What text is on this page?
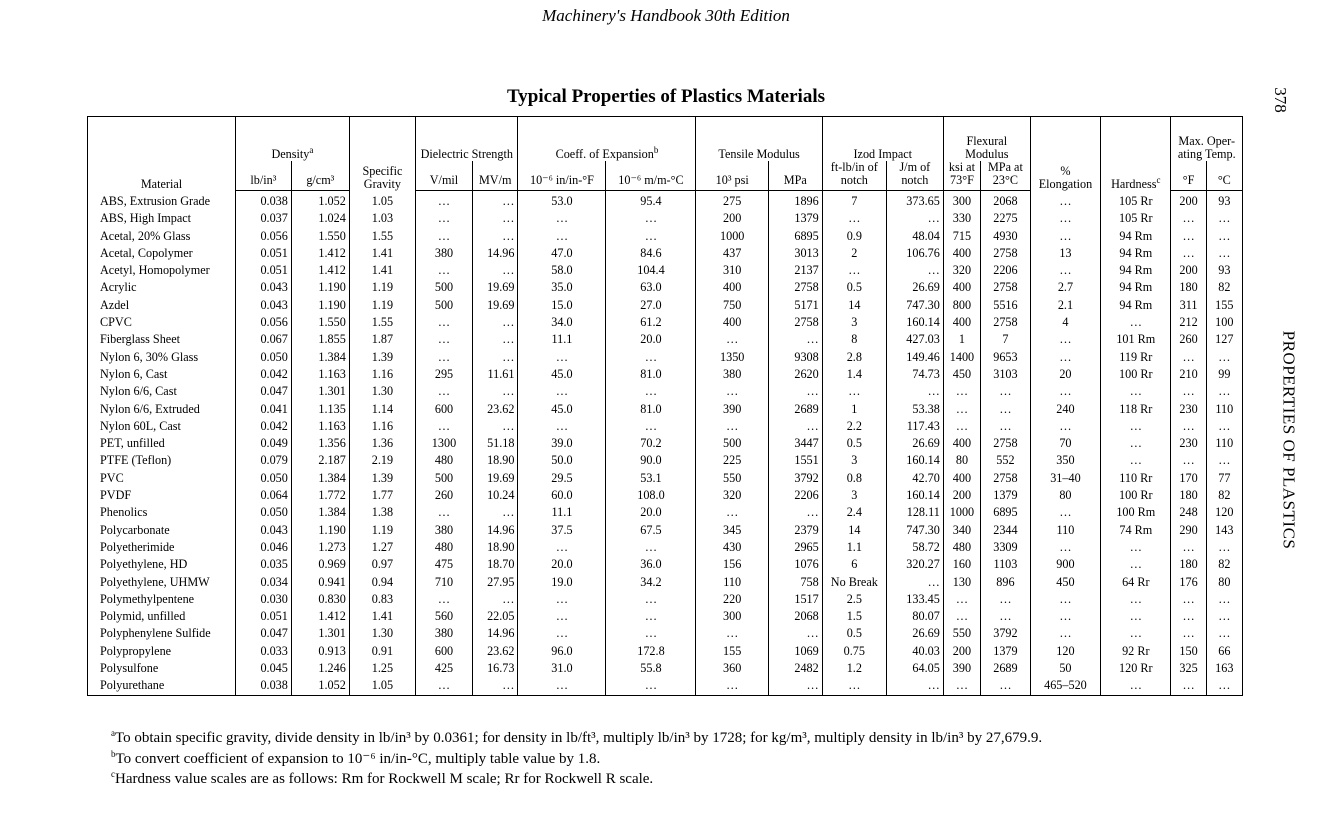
Machinery's Handbook 30th Edition
378
PROPERTIES OF PLASTICS
Typical Properties of Plastics Materials
Material	Density$^a$		Specific Gravity	Dielectric Strength		Coeff. of Expansion$^b$		Tensile Modulus		Izod Impact		Flexural Modulus		% Elongation	Hardness$^c$	Max. Oper- ating Temp.	
	lb/in³	g/cm³		V/mil	MV/m	10⁻⁶ in/in-°F	10⁻⁶ m/m-°C	10³ psi	MPa	ft-lb/in of notch	J/m of notch	ksi at 73°F	MPa at 23°C			°F	°C
ABS, Extrusion Grade	0.038	1.052	1.05	…	…	53.0	95.4	275	1896	7	373.65	300	2068	…	105 Rr	200	93
ABS, High Impact	0.037	1.024	1.03	…	…	…	…	200	1379	…	…	330	2275	…	105 Rr	…	…
Acetal, 20% Glass	0.056	1.550	1.55	…	…	…	…	1000	6895	0.9	48.04	715	4930	…	94 Rm	…	…
Acetal, Copolymer	0.051	1.412	1.41	380	14.96	47.0	84.6	437	3013	2	106.76	400	2758	13	94 Rm	…	…
Acetyl, Homopolymer	0.051	1.412	1.41	…	…	58.0	104.4	310	2137	…	…	320	2206	…	94 Rm	200	93
Acrylic	0.043	1.190	1.19	500	19.69	35.0	63.0	400	2758	0.5	26.69	400	2758	2.7	94 Rm	180	82
Azdel	0.043	1.190	1.19	500	19.69	15.0	27.0	750	5171	14	747.30	800	5516	2.1	94 Rm	311	155
CPVC	0.056	1.550	1.55	…	…	34.0	61.2	400	2758	3	160.14	400	2758	4	…	212	100
Fiberglass Sheet	0.067	1.855	1.87	…	…	11.1	20.0	…	…	8	427.03	1	7	…	101 Rm	260	127
Nylon 6, 30% Glass	0.050	1.384	1.39	…	…	…	…	1350	9308	2.8	149.46	1400	9653	…	119 Rr	…	…
Nylon 6, Cast	0.042	1.163	1.16	295	11.61	45.0	81.0	380	2620	1.4	74.73	450	3103	20	100 Rr	210	99
Nylon 6/6, Cast	0.047	1.301	1.30	…	…	…	…	…	…	…	…	…	…	…	…	…	…
Nylon 6/6, Extruded	0.041	1.135	1.14	600	23.62	45.0	81.0	390	2689	1	53.38	…	…	240	118 Rr	230	110
Nylon 60L, Cast	0.042	1.163	1.16	…	…	…	…	…	…	2.2	117.43	…	…	…	…	…	…
PET, unfilled	0.049	1.356	1.36	1300	51.18	39.0	70.2	500	3447	0.5	26.69	400	2758	70	…	230	110
PTFE (Teflon)	0.079	2.187	2.19	480	18.90	50.0	90.0	225	1551	3	160.14	80	552	350	…	…	…
PVC	0.050	1.384	1.39	500	19.69	29.5	53.1	550	3792	0.8	42.70	400	2758	31–40	110 Rr	170	77
PVDF	0.064	1.772	1.77	260	10.24	60.0	108.0	320	2206	3	160.14	200	1379	80	100 Rr	180	82
Phenolics	0.050	1.384	1.38	…	…	11.1	20.0	…	…	2.4	128.11	1000	6895	…	100 Rm	248	120
Polycarbonate	0.043	1.190	1.19	380	14.96	37.5	67.5	345	2379	14	747.30	340	2344	110	74 Rm	290	143
Polyetherimide	0.046	1.273	1.27	480	18.90	…	…	430	2965	1.1	58.72	480	3309	…	…	…	…
Polyethylene, HD	0.035	0.969	0.97	475	18.70	20.0	36.0	156	1076	6	320.27	160	1103	900	…	180	82
Polyethylene, UHMW	0.034	0.941	0.94	710	27.95	19.0	34.2	110	758	No Break	…	130	896	450	64 Rr	176	80
Polymethylpentene	0.030	0.830	0.83	…	…	…	…	220	1517	2.5	133.45	…	…	…	…	…	…
Polymid, unfilled	0.051	1.412	1.41	560	22.05	…	…	300	2068	1.5	80.07	…	…	…	…	…	…
Polyphenylene Sulfide	0.047	1.301	1.30	380	14.96	…	…	…	…	0.5	26.69	550	3792	…	…	…	…
Polypropylene	0.033	0.913	0.91	600	23.62	96.0	172.8	155	1069	0.75	40.03	200	1379	120	92 Rr	150	66
Polysulfone	0.045	1.246	1.25	425	16.73	31.0	55.8	360	2482	1.2	64.05	390	2689	50	120 Rr	325	163
Polyurethane	0.038	1.052	1.05	…	…	…	…	…	…	…	…	…	…	465–520	…	…	…
$^a$To obtain specific gravity, divide density in lb/in³ by 0.0361; for density in lb/ft³, multiply lb/in³ by 1728; for kg/m³, multiply density in lb/in³ by 27,679.9.
$^b$To convert coefficient of expansion to 10⁻⁶ in/in-°C, multiply table value by 1.8.
$^c$Hardness value scales are as follows: Rm for Rockwell M scale; Rr for Rockwell R scale.
